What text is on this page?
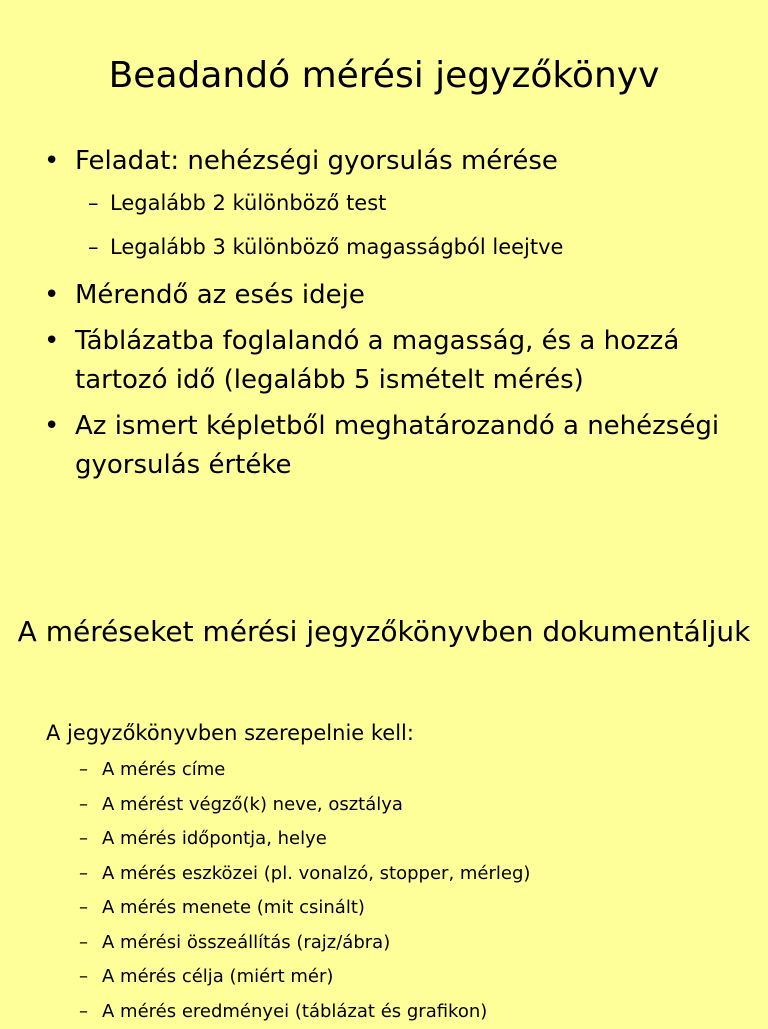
Beadandó mérési jegyzőkönyv
• Feladat: nehézségi gyorsulás mérése
– Legalább 2 különböző test
– Legalább 3 különböző magasságból leejtve
• Mérendő az esés ideje
• Táblázatba foglalandó a magasság, és a hozzá tartozó idő (legalább 5 ismételt mérés)
• Az ismert képletből meghatározandó a nehézségi gyorsulás értéke
A méréseket mérési jegyzőkönyvben dokumentáljuk

A jegyzőkönyvben szerepelnie kell:

– A mérés címe
– A mérést végző(k) neve, osztálya
– A mérés időpontja, helye
– A mérés eszközei (pl. vonalzó, stopper, mérleg)
– A mérés menete (mit csinált)
– A mérési összeállítás (rajz/ábra)
– A mérés célja (miért mér)
– A mérés eredményei (táblázat és grafikon)
